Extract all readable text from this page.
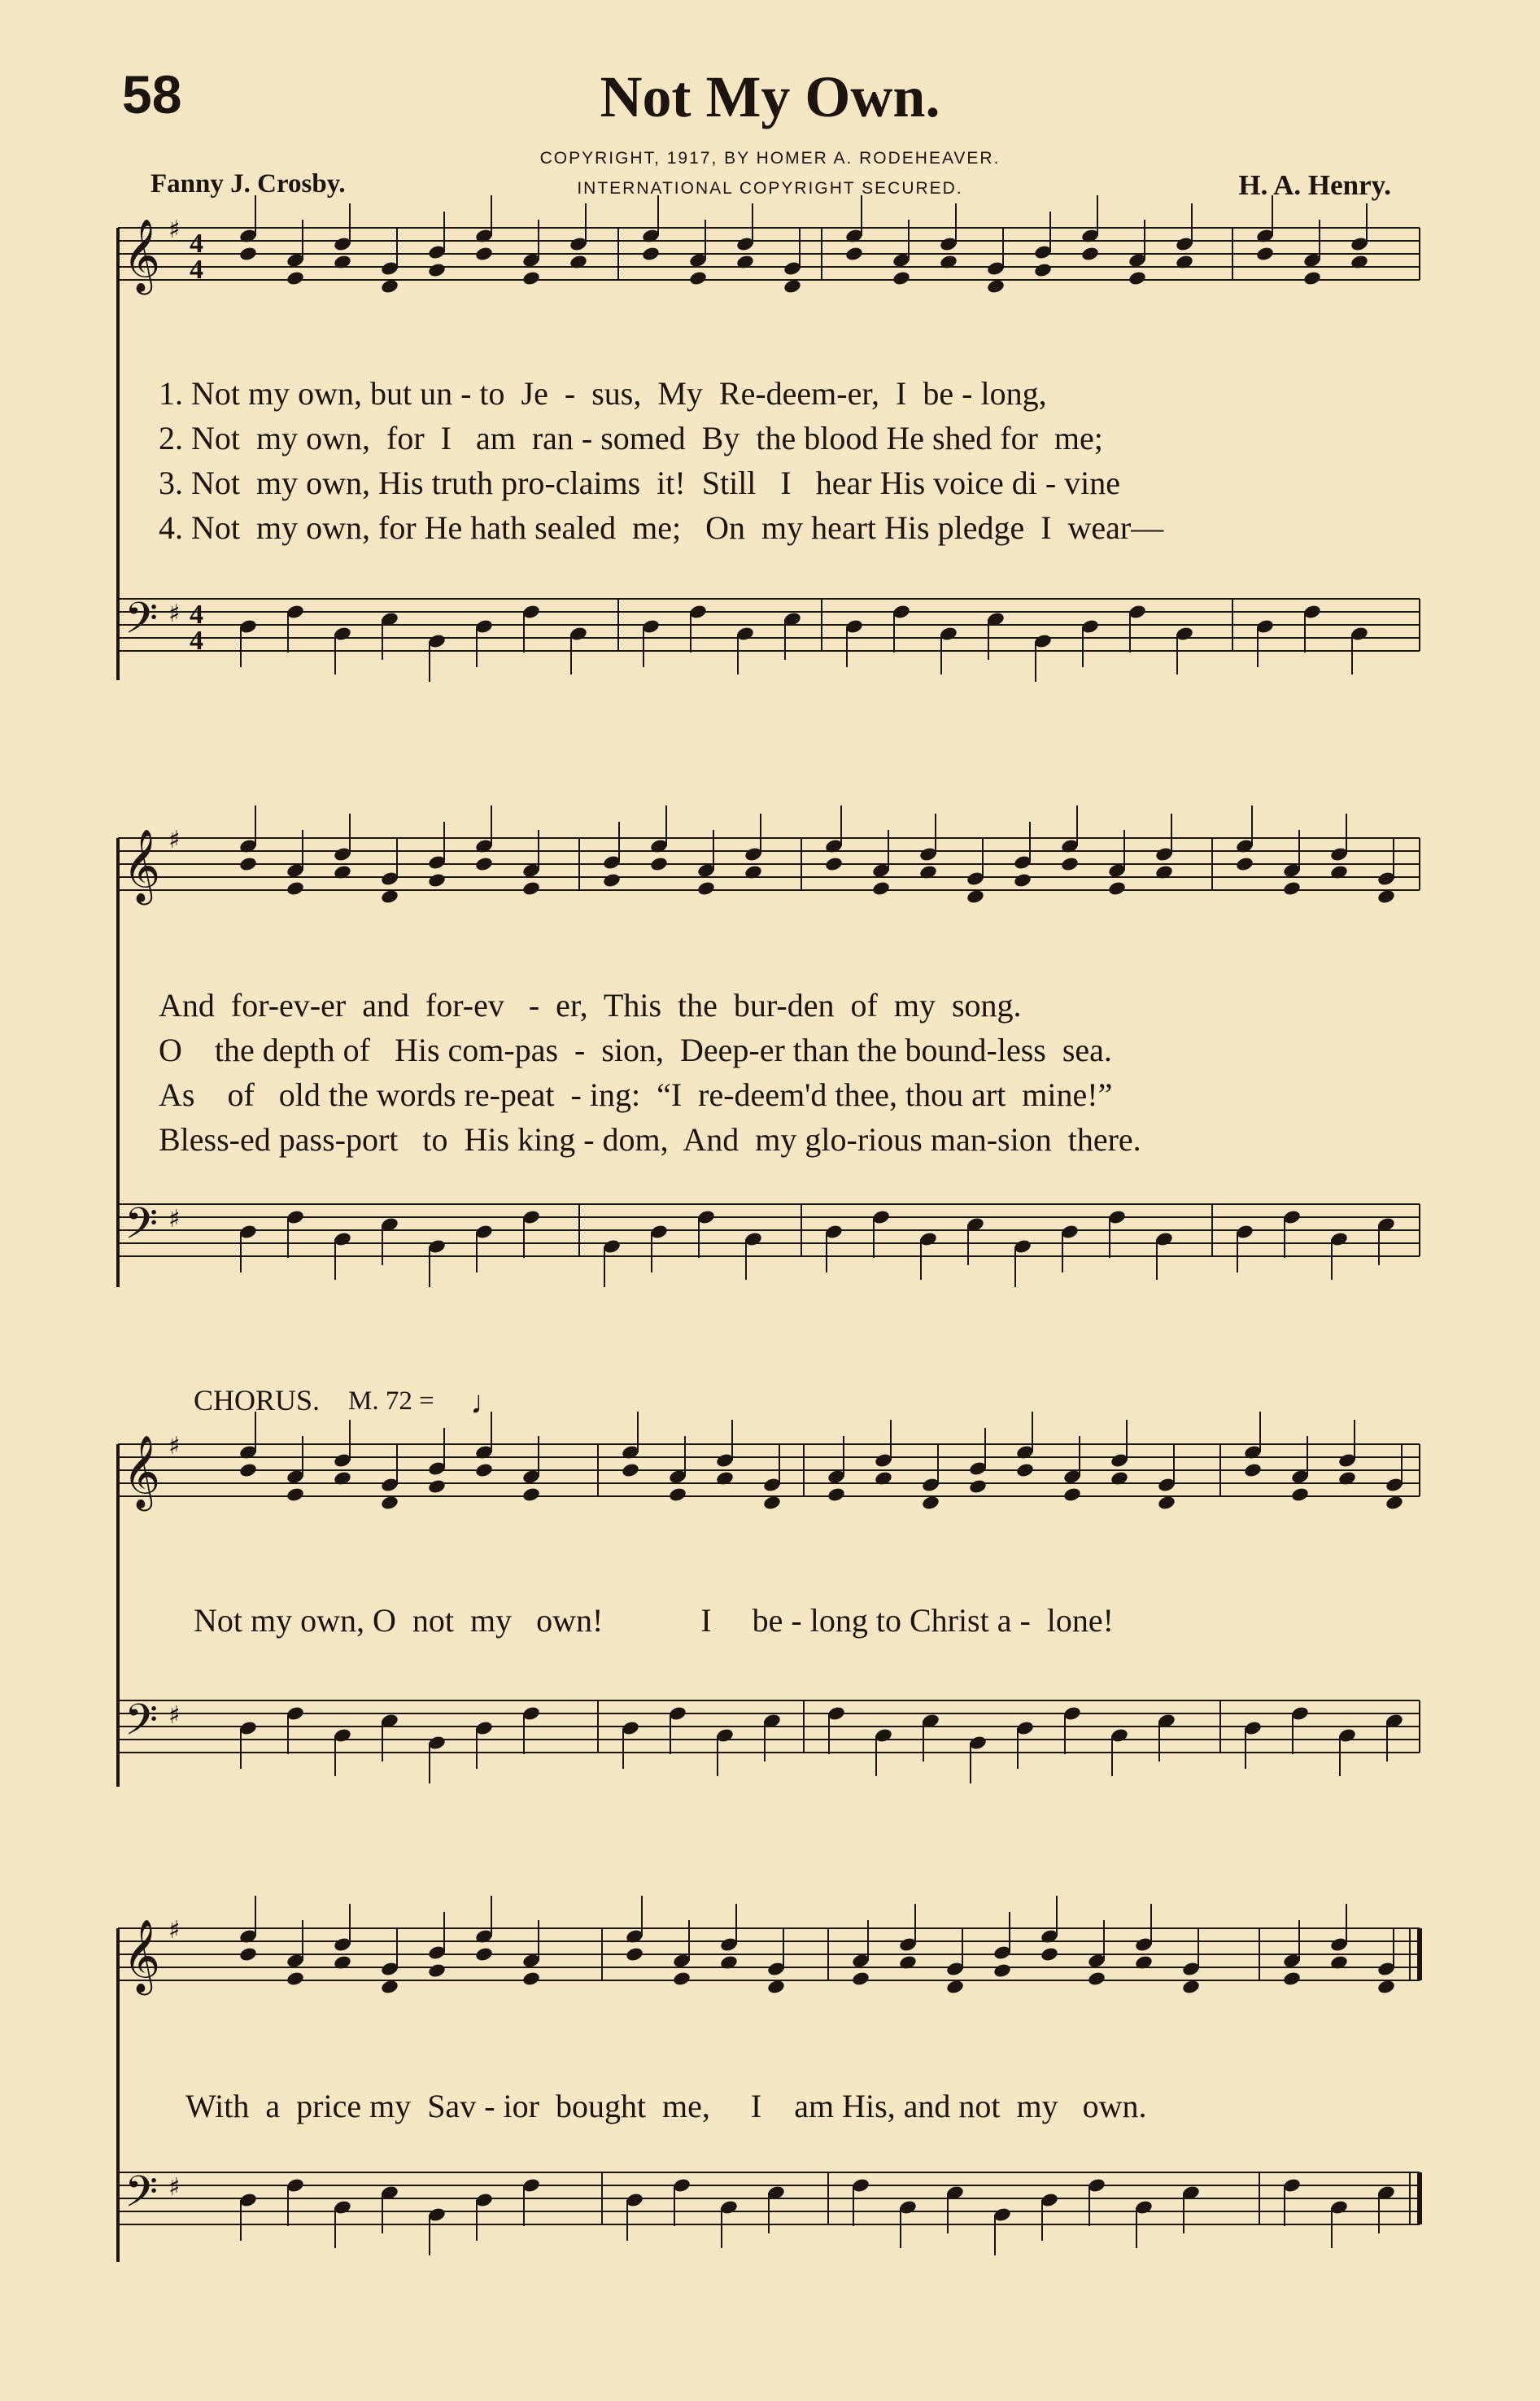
58	Not My Own.
COPYRIGHT, 1917, BY HOMER A. RODEHEAVER.
INTERNATIONAL COPYRIGHT SECURED.
Fanny J. Crosby.	H. A. Henry.
1. Not my own, but un - to  Je  -  sus,  My  Re-deem-er,  I  be - long,
2. Not  my own,  for  I   am  ran - somed  By  the blood He shed for  me;
3. Not  my own, His truth pro-claims  it!  Still   I   hear His voice di - vine
4. Not  my own, for He hath sealed  me;   On  my heart His pledge  I  wear—
And  for-ev-er  and  for-ev   -  er,  This  the  bur-den  of  my  song.
O    the depth of   His com-pas  -  sion,  Deep-er than the bound-less  sea.
As    of   old the words re-peat  - ing:  “I  re-deem'd thee, thou art  mine!”
Bless-ed pass-port   to  His king - dom,  And  my glo-rious man-sion  there.
CHORUS. M. 72 = ♩
Not my own, O  not  my   own!            I     be - long to Christ a -  lone!
With  a  price my  Sav - ior  bought  me,     I    am His, and not  my   own.
𝄞
𝄢
♯
♯
4
4
4
4
𝄞
𝄢
♯
♯
𝄞
𝄢
♯
♯
𝄞
𝄢
♯
♯
